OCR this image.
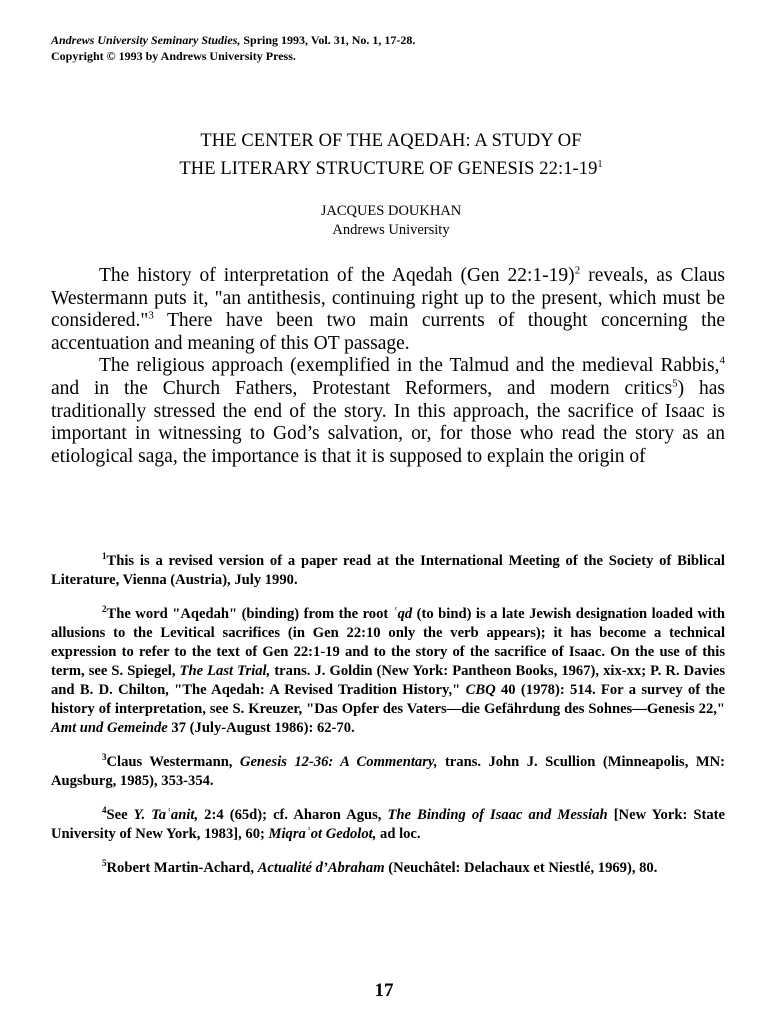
Andrews University Seminary Studies, Spring 1993, Vol. 31, No. 1, 17-28.
Copyright © 1993 by Andrews University Press.
THE CENTER OF THE AQEDAH: A STUDY OF
THE LITERARY STRUCTURE OF GENESIS $22:1-19^1$
JACQUES DOUKHAN
Andrews University

The history of interpretation of the Aqedah (Gen 22:1-19)$^2$ reveals, as Claus Westermann puts it, "an antithesis, continuing right up to the present, which must be considered."$^3$ There have been two main currents of thought concerning the accentuation and meaning of this OT passage.

The religious approach (exemplified in the Talmud and the medieval Rabbis,$^4$ and in the Church Fathers, Protestant Reformers, and modern critics$^5$) has traditionally stressed the end of the story. In this approach, the sacrifice of Isaac is important in witnessing to God’s salvation, or, for those who read the story as an etiological saga, the importance is that it is supposed to explain the origin of

$^1$This is a revised version of a paper read at the International Meeting of the Society of Biblical Literature, Vienna (Austria), July 1990.

$^2$The word "Aqedah" (binding) from the root ʿqd (to bind) is a late Jewish designation loaded with allusions to the Levitical sacrifices (in Gen 22:10 only the verb appears); it has become a technical expression to refer to the text of Gen 22:1-19 and to the story of the sacrifice of Isaac. On the use of this term, see S. Spiegel, The Last Trial, trans. J. Goldin (New York: Pantheon Books, 1967), xix-xx; P. R. Davies and B. D. Chilton, "The Aqedah: A Revised Tradition History," CBQ 40 (1978): 514. For a survey of the history of interpretation, see S. Kreuzer, "Das Opfer des Vaters—die Gefährdung des Sohnes—Genesis 22," Amt und Gemeinde 37 (July-August 1986): 62-70.

$^3$Claus Westermann, Genesis 12-36: A Commentary, trans. John J. Scullion (Minneapolis, MN: Augsburg, 1985), 353-354.

$^4$See Y. Taʿanit, 2:4 (65d); cf. Aharon Agus, The Binding of Isaac and Messiah [New York: State University of New York, 1983], 60; Miqraʾot Gedolot, ad loc.

$^5$Robert Martin-Achard, Actualité d’Abraham (Neuchâtel: Delachaux et Niestlé, 1969), 80.

17
